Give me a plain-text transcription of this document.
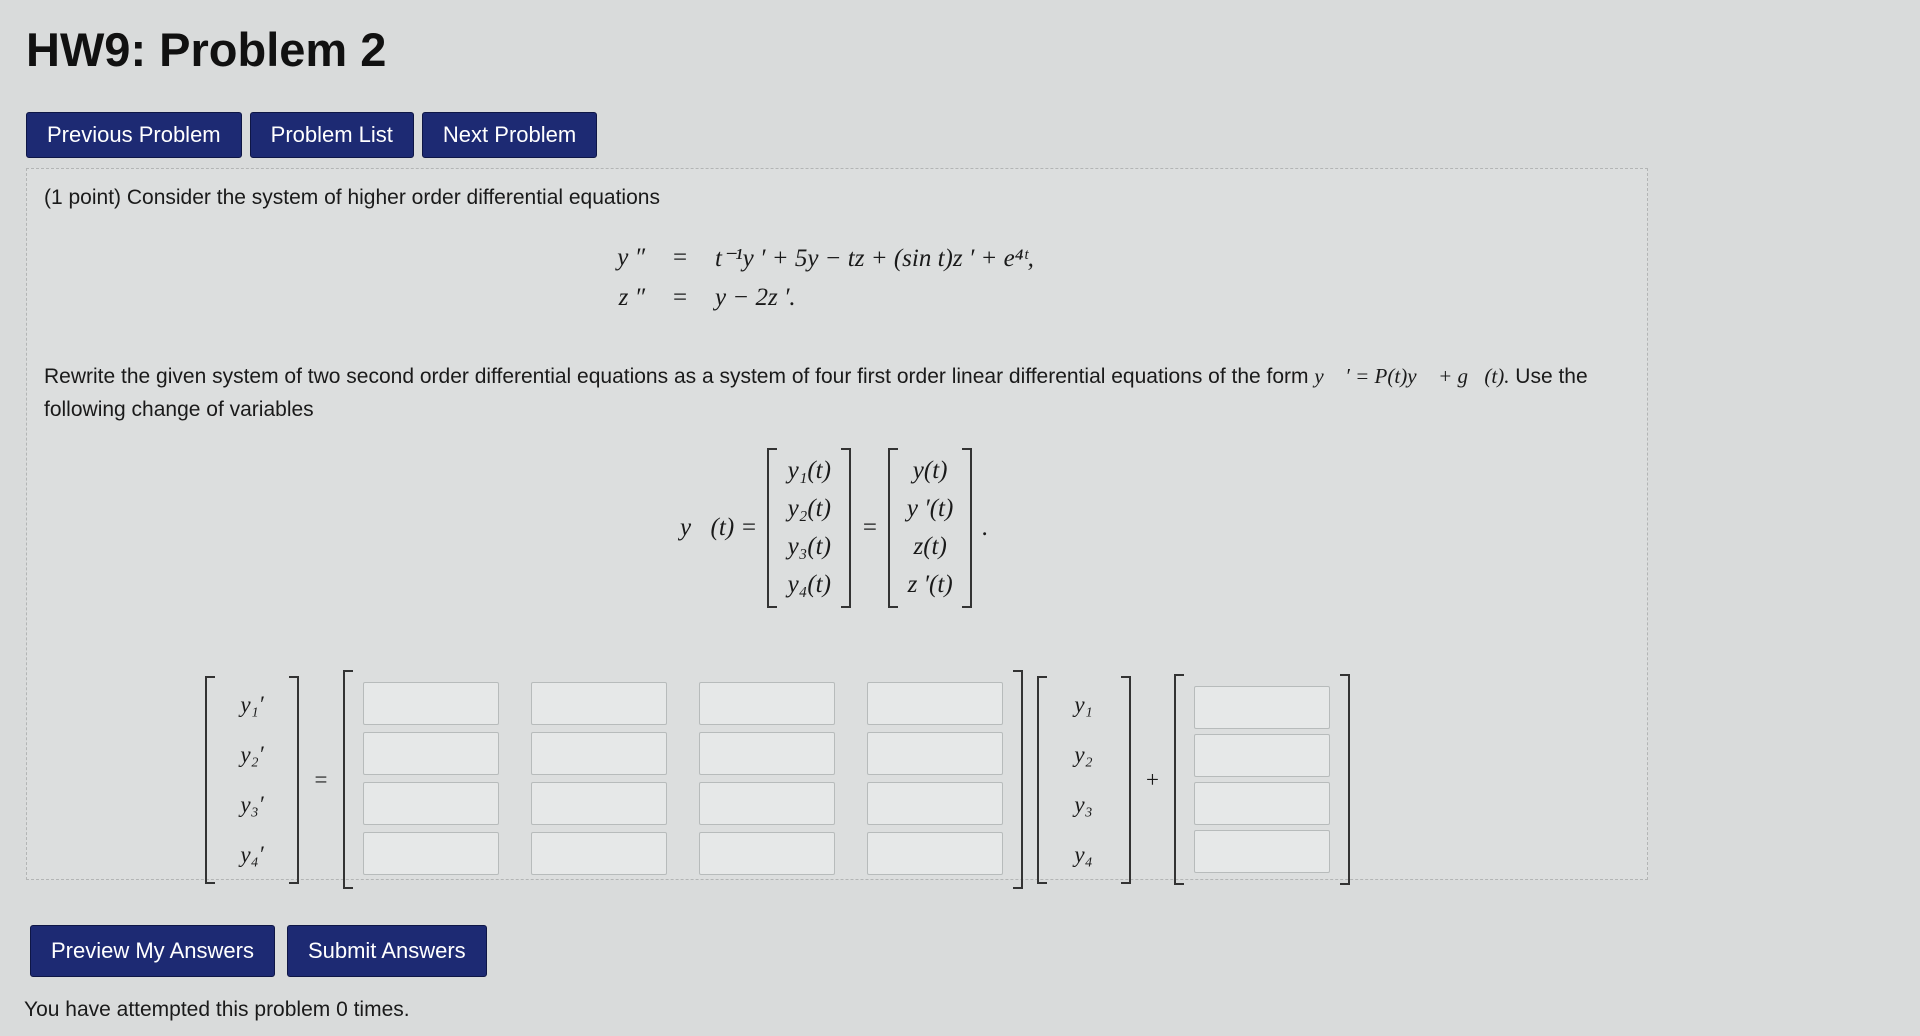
HW9: Problem 2
Previous Problem	Problem List	Next Problem
(1 point) Consider the system of higher order differential equations
y ″	=	t⁻¹y ′ + 5y − tz + (sin t)z ′ + e⁴ᵗ,
z ″	=	y − 2z ′.
Rewrite the given system of two second order differential equations as a system of four first order linear differential equations of the form y⃗ ′ = P(t)y⃗ + g⃗(t). Use the following change of variables
y⃗(t) =
y₁(t)
y₂(t)
y₃(t)
y₄(t)
=
y(t)
y ′(t)
z(t)
z ′(t)
.
y₁′
y₂′
y₃′
y₄′
=
y₁
y₂
y₃
y₄
+
Preview My Answers	Submit Answers
You have attempted this problem 0 times.
